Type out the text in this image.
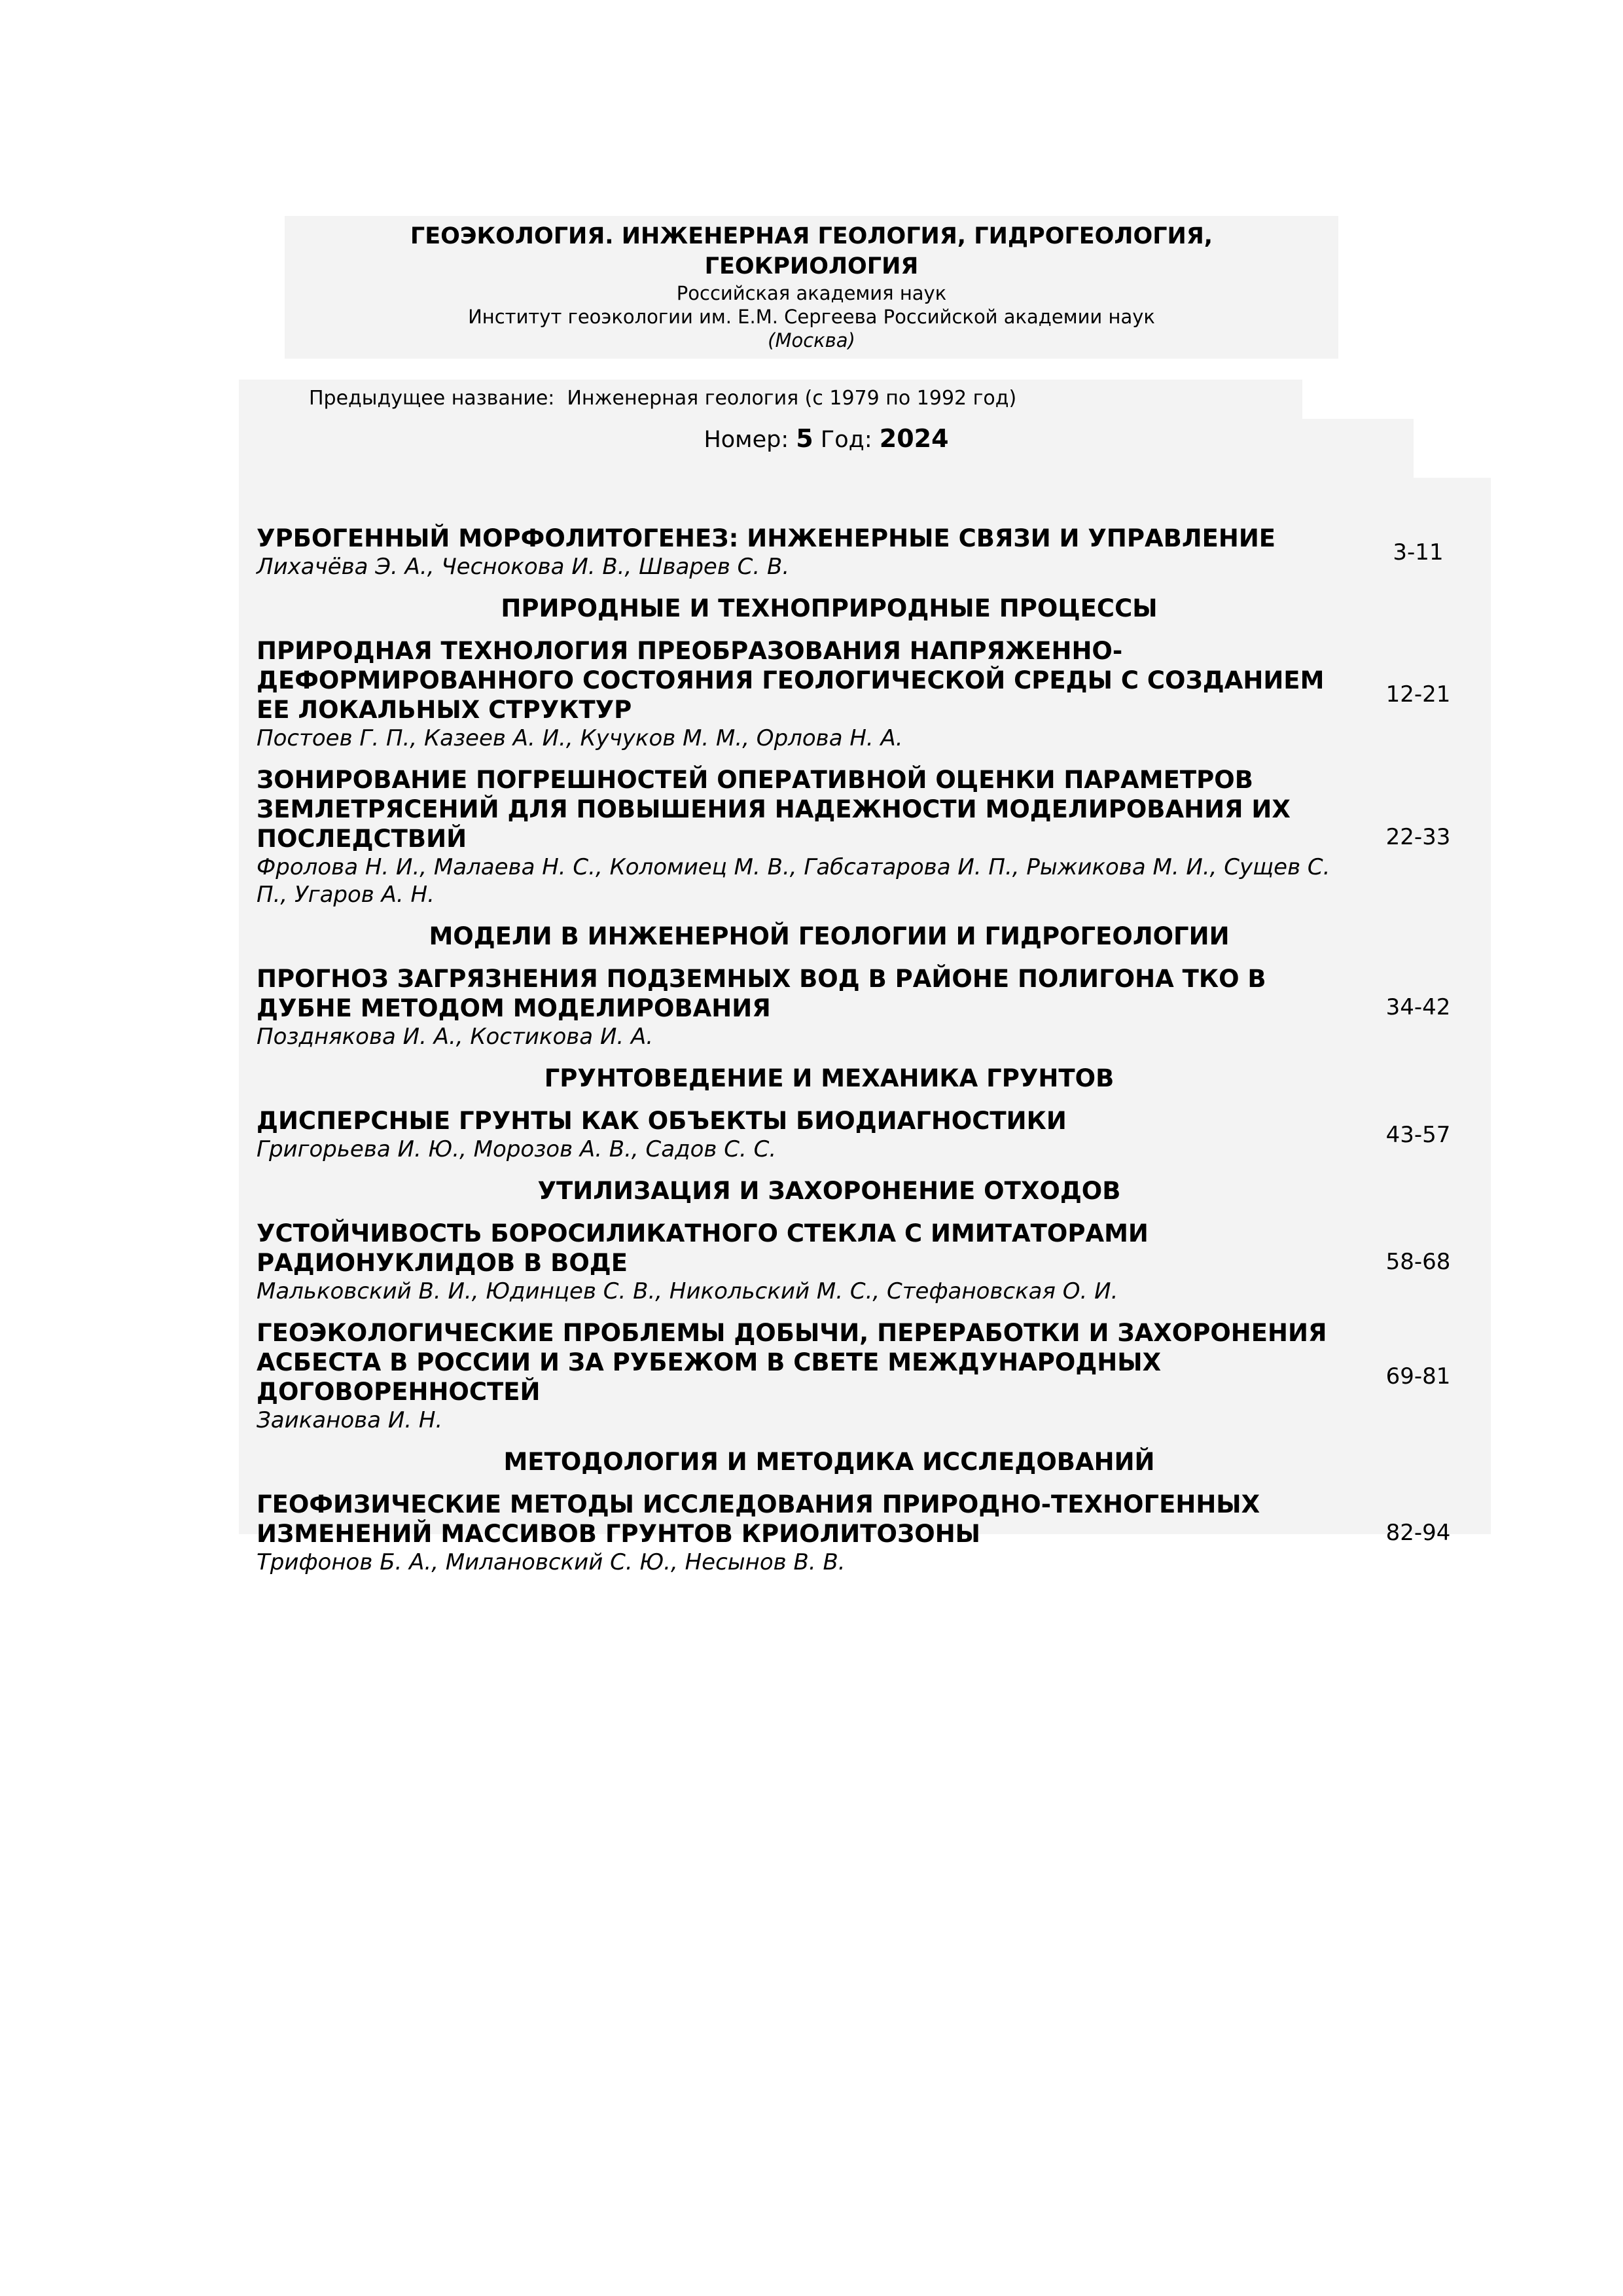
ГЕОЭКОЛОГИЯ. ИНЖЕНЕРНАЯ ГЕОЛОГИЯ, ГИДРОГЕОЛОГИЯ,
ГЕОКРИОЛОГИЯ
Российская академия наук
Институт геоэкологии им. Е.М. Сергеева Российской академии наук
(Москва)
Предыдущее название: Инженерная геология (с 1979 по 1992 год)
Номер: 5 Год: 2024

УРБОГЕННЫЙ МОРФОЛИТОГЕНЕЗ: ИНЖЕНЕРНЫЕ СВЯЗИ И УПРАВЛЕНИЕ

Лихачёва Э. А., Чеснокова И. В., Шварев С. В.

3-11
ПРИРОДНЫЕ И ТЕХНОПРИРОДНЫЕ ПРОЦЕССЫ

ПРИРОДНАЯ ТЕХНОЛОГИЯ ПРЕОБРАЗОВАНИЯ НАПРЯЖЕННО-ДЕФОРМИРОВАННОГО СОСТОЯНИЯ ГЕОЛОГИЧЕСКОЙ СРЕДЫ С СОЗДАНИЕМ ЕЕ ЛОКАЛЬНЫХ СТРУКТУР

Постоев Г. П., Казеев А. И., Кучуков М. М., Орлова Н. А.

12-21

ЗОНИРОВАНИЕ ПОГРЕШНОСТЕЙ ОПЕРАТИВНОЙ ОЦЕНКИ ПАРАМЕТРОВ ЗЕМЛЕТРЯСЕНИЙ ДЛЯ ПОВЫШЕНИЯ НАДЕЖНОСТИ МОДЕЛИРОВАНИЯ ИХ ПОСЛЕДСТВИЙ

Фролова Н. И., Малаева Н. С., Коломиец М. В., Габсатарова И. П., Рыжикова М. И., Сущев С. П., Угаров А. Н.

22-33
МОДЕЛИ В ИНЖЕНЕРНОЙ ГЕОЛОГИИ И ГИДРОГЕОЛОГИИ

ПРОГНОЗ ЗАГРЯЗНЕНИЯ ПОДЗЕМНЫХ ВОД В РАЙОНЕ ПОЛИГОНА ТКО В ДУБНЕ МЕТОДОМ МОДЕЛИРОВАНИЯ

Позднякова И. А., Костикова И. А.

34-42
ГРУНТОВЕДЕНИЕ И МЕХАНИКА ГРУНТОВ

ДИСПЕРСНЫЕ ГРУНТЫ КАК ОБЪЕКТЫ БИОДИАГНОСТИКИ

Григорьева И. Ю., Морозов А. В., Садов С. С.

43-57
УТИЛИЗАЦИЯ И ЗАХОРОНЕНИЕ ОТХОДОВ

УСТОЙЧИВОСТЬ БОРОСИЛИКАТНОГО СТЕКЛА С ИМИТАТОРАМИ РАДИОНУКЛИДОВ В ВОДЕ

Мальковский В. И., Юдинцев С. В., Никольский М. С., Стефановская О. И.

58-68

ГЕОЭКОЛОГИЧЕСКИЕ ПРОБЛЕМЫ ДОБЫЧИ, ПЕРЕРАБОТКИ И ЗАХОРОНЕНИЯ АСБЕСТА В РОССИИ И ЗА РУБЕЖОМ В СВЕТЕ МЕЖДУНАРОДНЫХ ДОГОВОРЕННОСТЕЙ

Заиканова И. Н.

69-81
МЕТОДОЛОГИЯ И МЕТОДИКА ИССЛЕДОВАНИЙ

ГЕОФИЗИЧЕСКИЕ МЕТОДЫ ИССЛЕДОВАНИЯ ПРИРОДНО-ТЕХНОГЕННЫХ ИЗМЕНЕНИЙ МАССИВОВ ГРУНТОВ КРИОЛИТОЗОНЫ

Трифонов Б. А., Милановский С. Ю., Несынов В. В.

82-94
